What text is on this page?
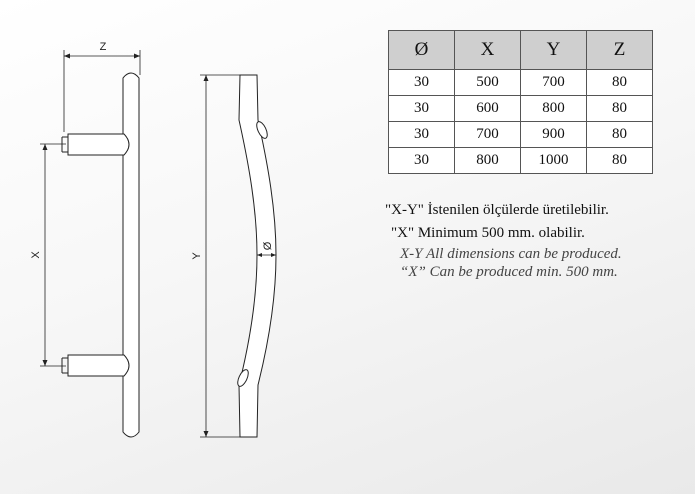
Z
X	Y
Ø
Ø	X	Y	Z
30	500	700	80
30	600	800	80
30	700	900	80
30	800	1000	80
"X-Y" İstenilen ölçülerde üretilebilir.
"X" Minimum 500 mm. olabilir.
X-Y All dimensions can be produced.
“X” Can be produced min. 500 mm.
